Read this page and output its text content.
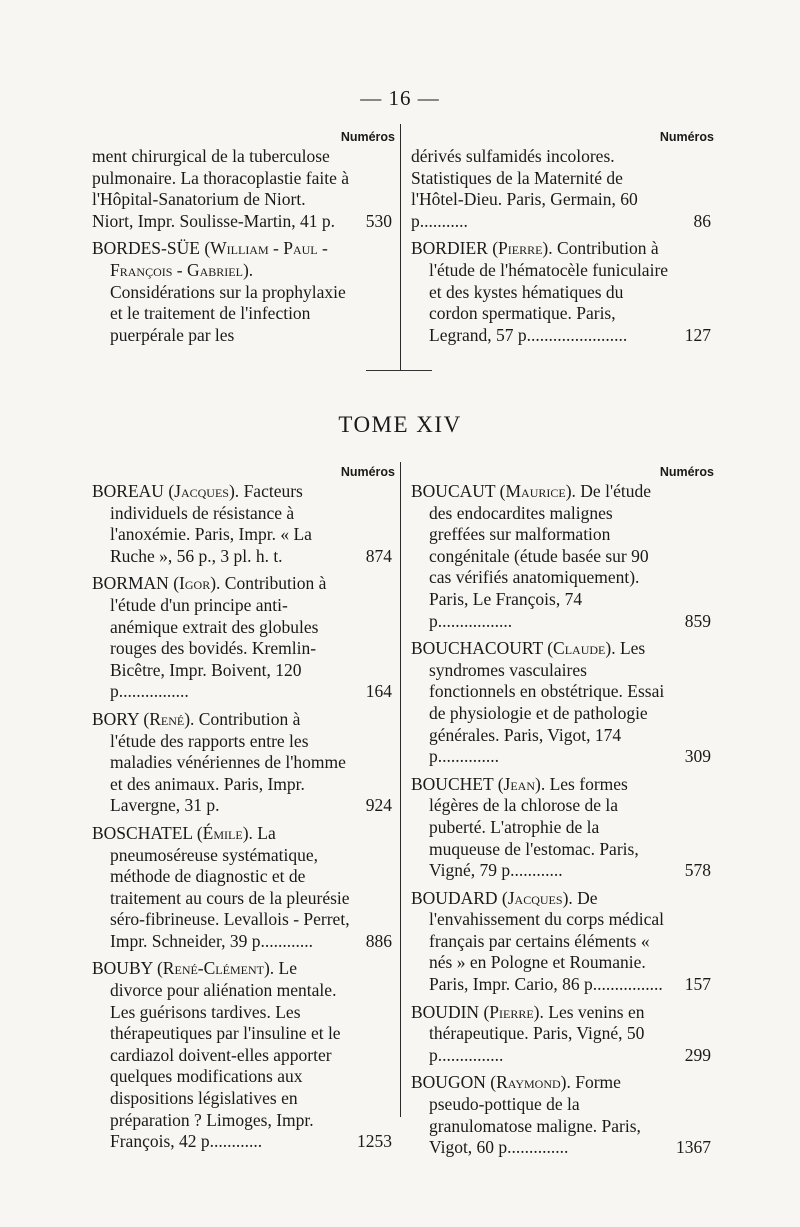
— 16 —
Numéros
ment chirurgical de la tuberculose pulmonaire. La thoracoplastie faite à l'Hôpital-Sanatorium de Niort. Niort, Impr. Soulisse-Martin, 41 p.	530
BORDES-SÜE (William - Paul - François - Gabriel). Considérations sur la prophylaxie et le traitement de l'infection puerpérale par les
Numéros
dérivés sulfamidés incolores. Statistiques de la Maternité de l'Hôtel-Dieu. Paris, Germain, 60 p...........	86
BORDIER (Pierre). Contribution à l'étude de l'hématocèle funiculaire et des kystes hématiques du cordon spermatique. Paris, Legrand, 57 p.......................	127
TOME XIV
Numéros
BOREAU (Jacques). Facteurs individuels de résistance à l'anoxémie. Paris, Impr. « La Ruche », 56 p., 3 pl. h. t.	874
BORMAN (Igor). Contribution à l'étude d'un principe anti-anémique extrait des globules rouges des bovidés. Kremlin-Bicêtre, Impr. Boivent, 120 p................	164
BORY (René). Contribution à l'étude des rapports entre les maladies vénériennes de l'homme et des animaux. Paris, Impr. Lavergne, 31 p.	924
BOSCHATEL (Émile). La pneumoséreuse systématique, méthode de diagnostic et de traitement au cours de la pleurésie séro-fibrineuse. Levallois - Perret, Impr. Schneider, 39 p............	886
BOUBY (René-Clément). Le divorce pour aliénation mentale. Les guérisons tardives. Les thérapeutiques par l'insuline et le cardiazol doivent-elles apporter quelques modifications aux dispositions législatives en préparation ? Limoges, Impr. François, 42 p............	1253
Numéros
BOUCAUT (Maurice). De l'étude des endocardites malignes greffées sur malformation congénitale (étude basée sur 90 cas vérifiés anatomiquement). Paris, Le François, 74 p.................	859
BOUCHACOURT (Claude). Les syndromes vasculaires fonctionnels en obstétrique. Essai de physiologie et de pathologie générales. Paris, Vigot, 174 p..............	309
BOUCHET (Jean). Les formes légères de la chlorose de la puberté. L'atrophie de la muqueuse de l'estomac. Paris, Vigné, 79 p............	578
BOUDARD (Jacques). De l'envahissement du corps médical français par certains éléments « nés » en Pologne et Roumanie. Paris, Impr. Cario, 86 p................	157
BOUDIN (Pierre). Les venins en thérapeutique. Paris, Vigné, 50 p...............	299
BOUGON (Raymond). Forme pseudo-pottique de la granulomatose maligne. Paris, Vigot, 60 p..............	1367
